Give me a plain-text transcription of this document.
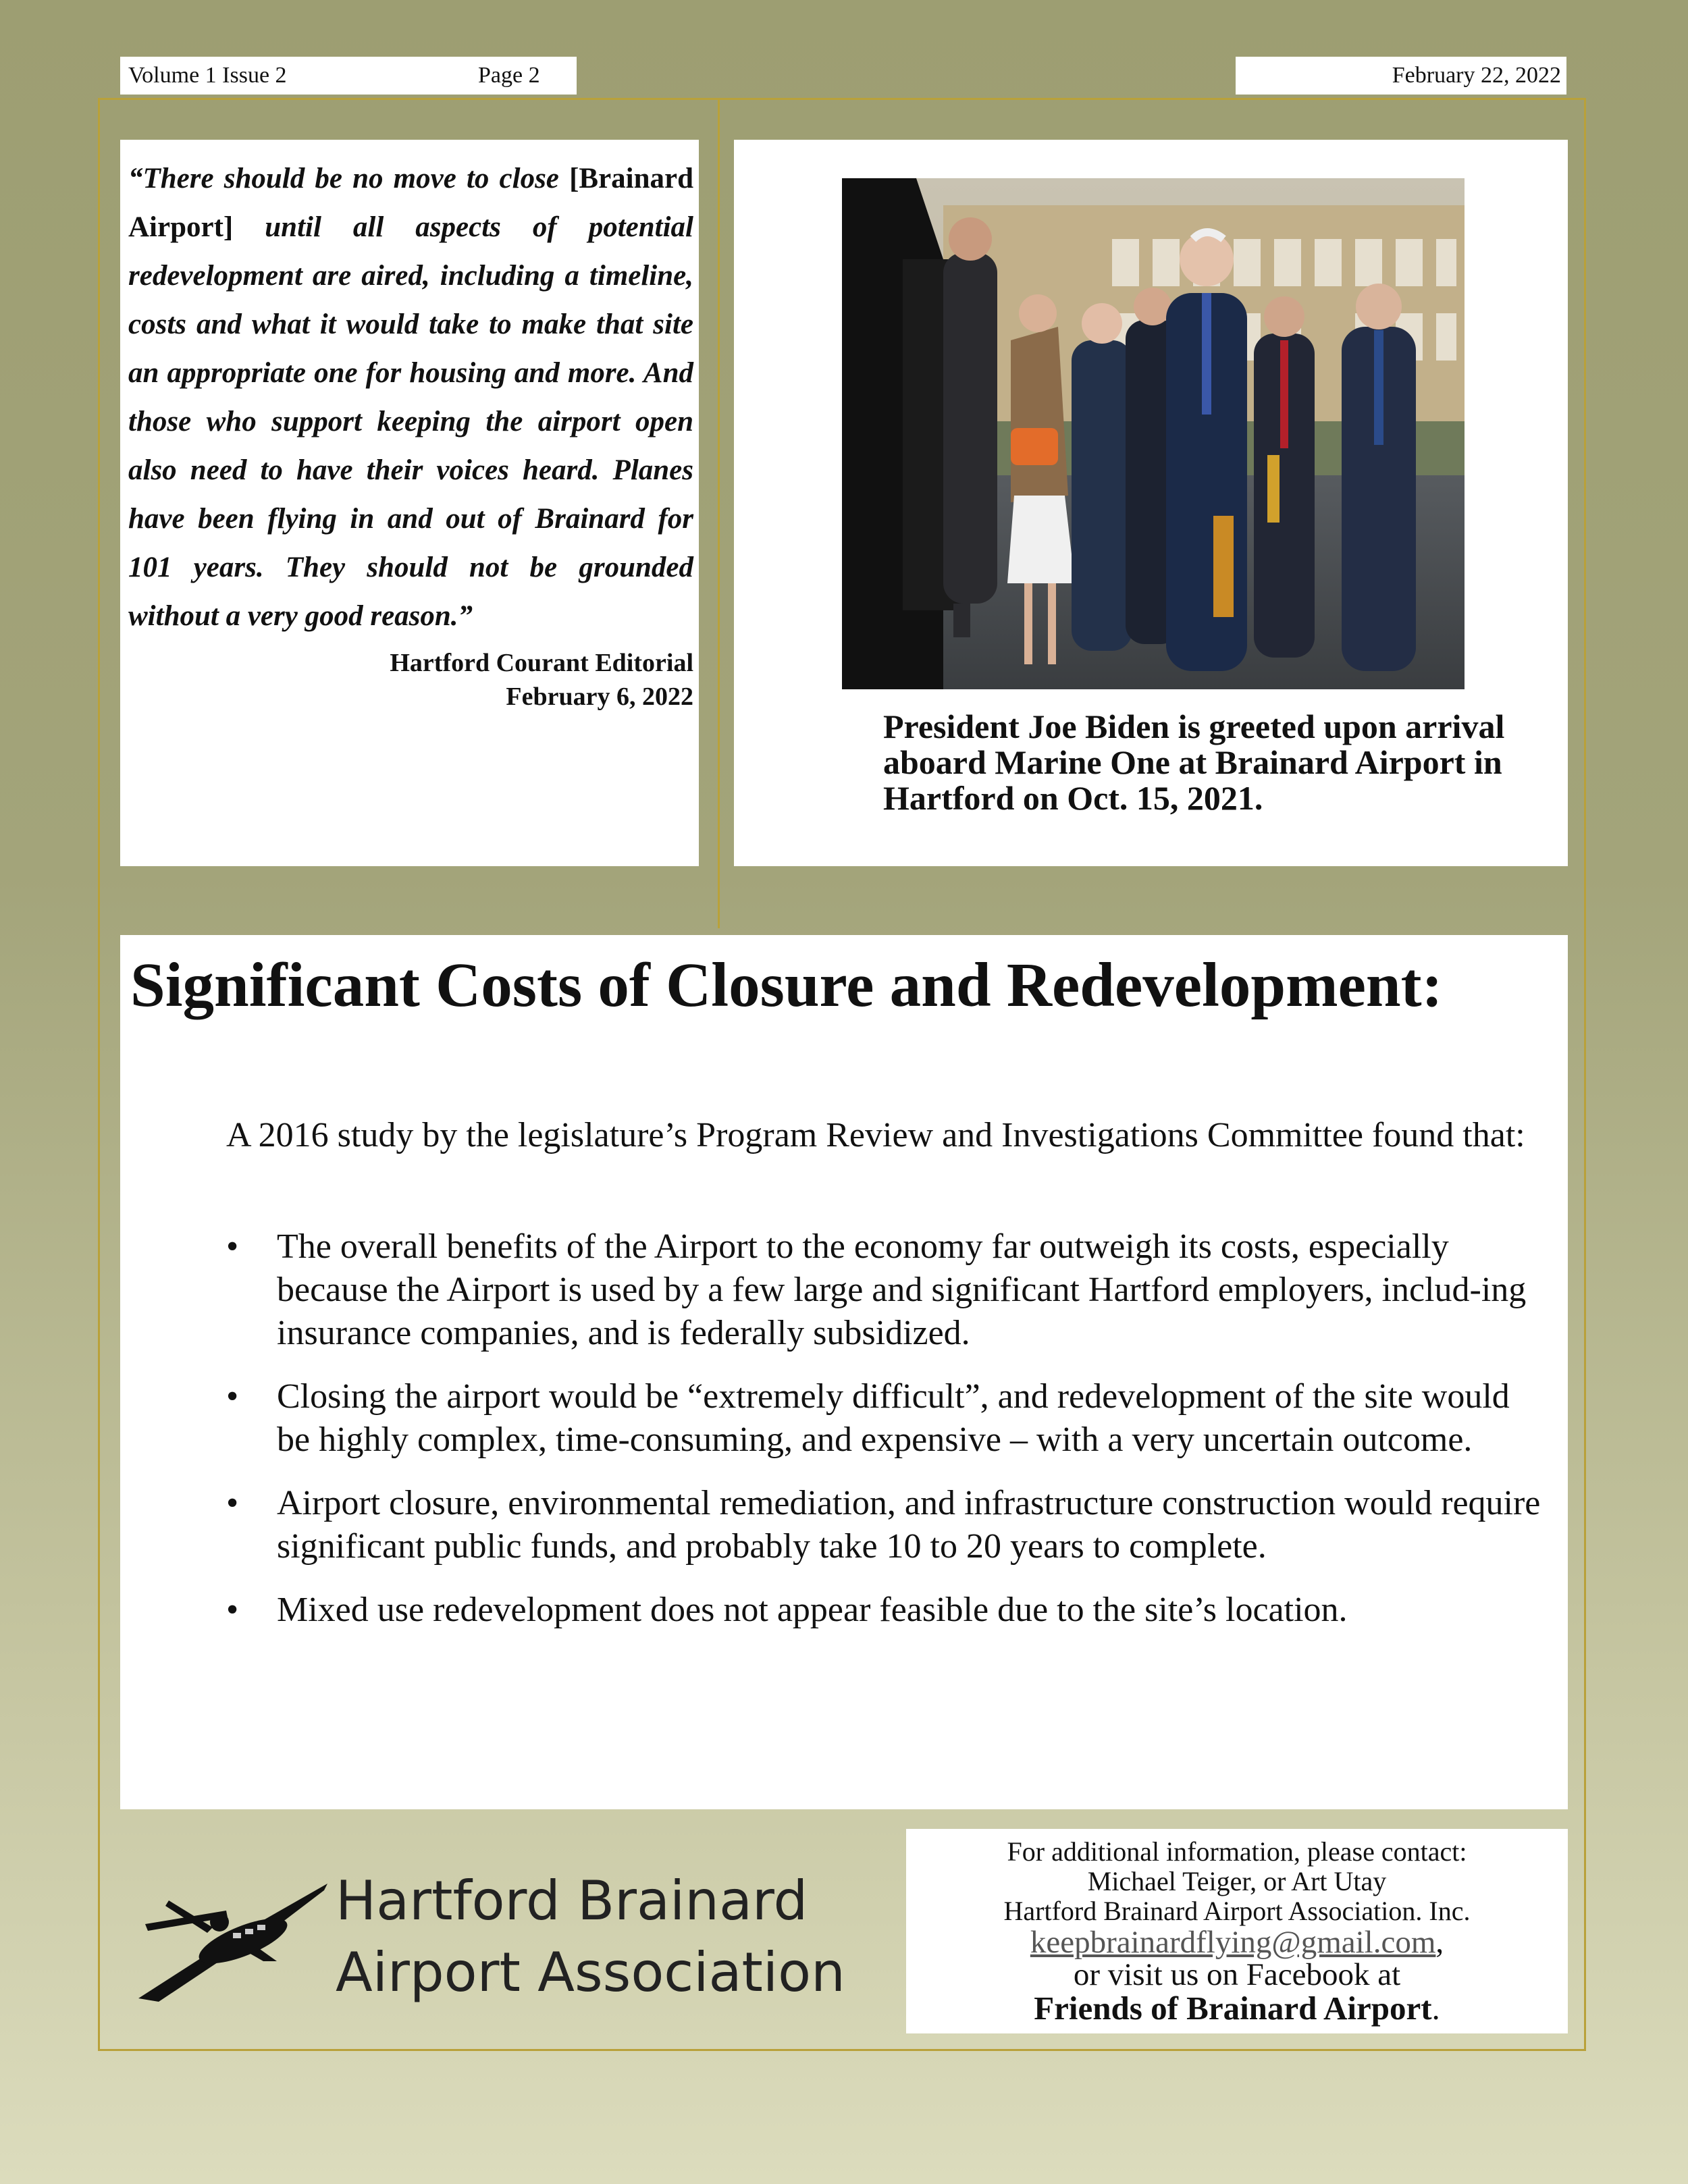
Volume 1 Issue 2	Page 2	February 22, 2022
“There should be no move to close [Brainard Airport] until all aspects of potential redevelopment are aired, including a timeline, costs and what it would take to make that site an appropriate one for housing and more. And those who support keeping the airport open also need to have their voices heard. Planes have been flying in and out of Brainard for 101 years. They should not be grounded without a very good reason.”
Hartford Courant Editorial
February 6, 2022
President Joe Biden is greeted upon arrival aboard Marine One at Brainard Airport in Hartford on Oct. 15, 2021.
Significant Costs of Closure and Redevelopment:
A 2016 study by the legislature’s Program Review and Investigations Committee found that:
• The overall benefits of the Airport to the economy far outweigh its costs, especially because the Airport is used by a few large and significant Hartford employers, includ-ing insurance companies, and is federally subsidized.
• Closing the airport would be “extremely difficult”, and redevelopment of the site would be highly complex, time-consuming, and expensive – with a very uncertain outcome.
• Airport closure, environmental remediation, and infrastructure construction would require significant public funds, and probably take 10 to 20 years to complete.
• Mixed use redevelopment does not appear feasible due to the site’s location.
Hartford Brainard
Airport Association
For additional information, please contact:
Michael Teiger, or Art Utay
Hartford Brainard Airport Association. Inc.
keepbrainardflying@gmail.com,
or visit us on Facebook at
Friends of Brainard Airport.
